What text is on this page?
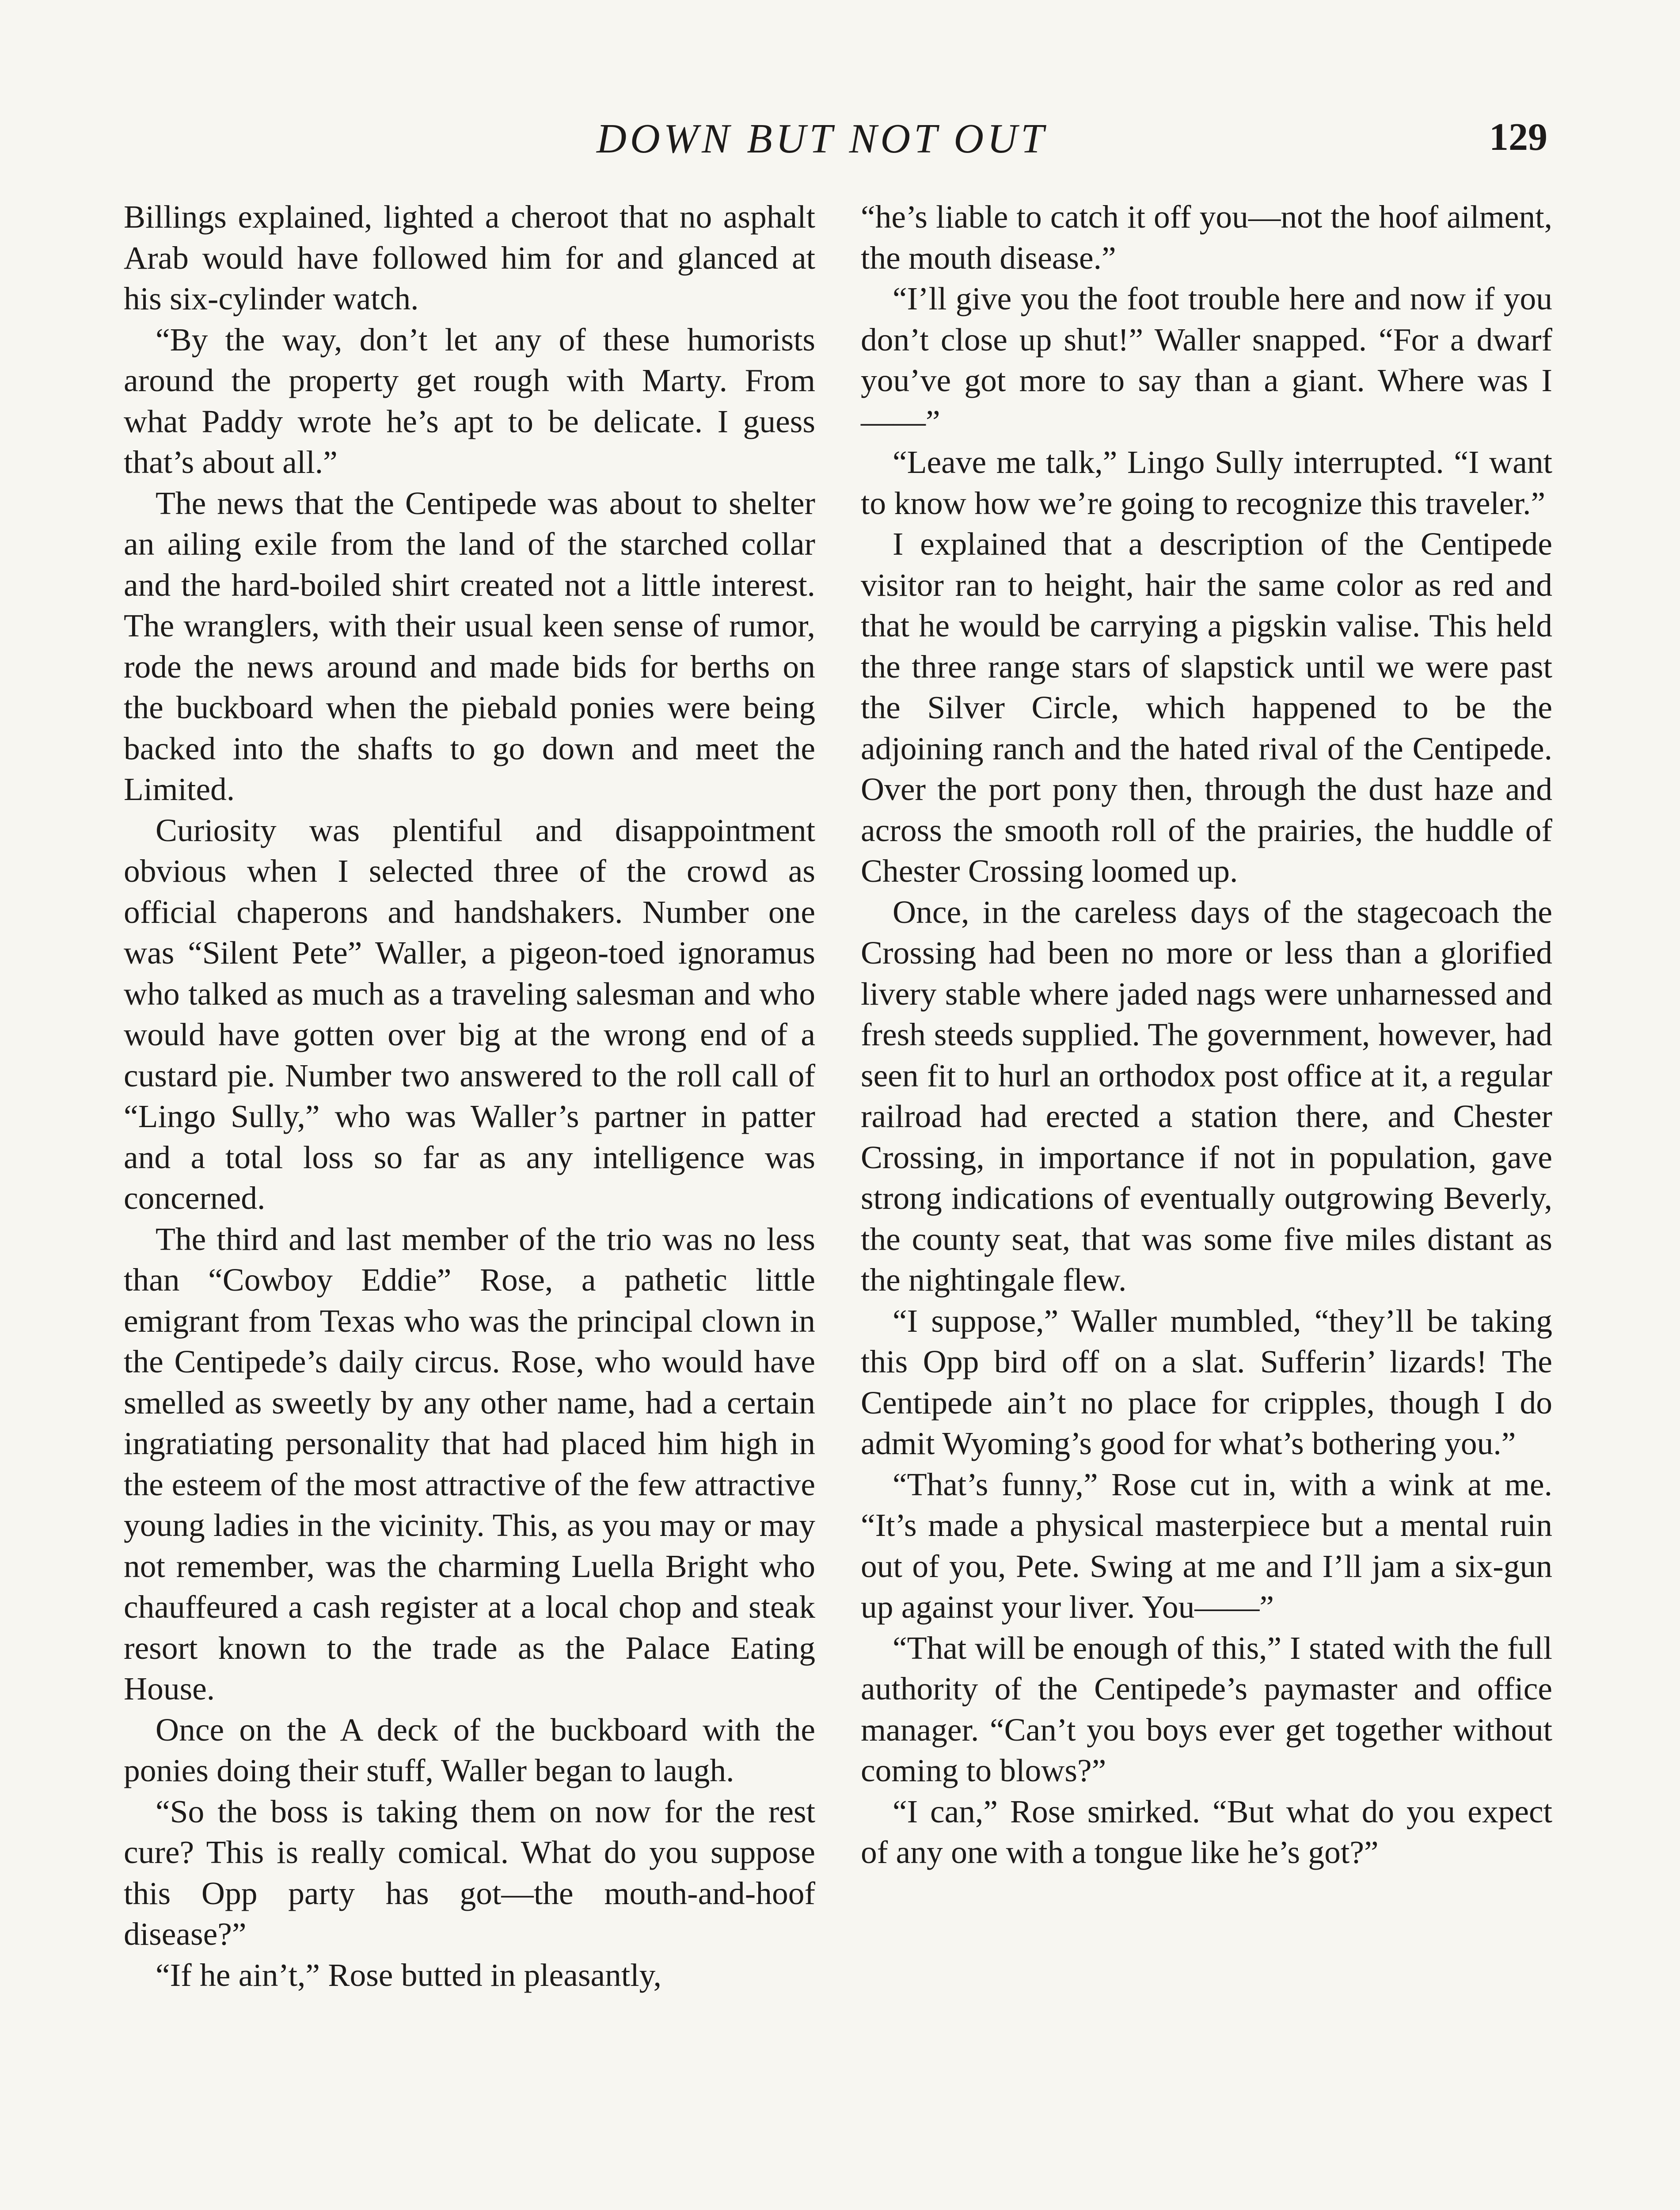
DOWN BUT NOT OUT	129

Billings explained, lighted a cheroot that no asphalt Arab would have followed him for and glanced at his six-cylinder watch.

“By the way, don’t let any of these humorists around the property get rough with Marty. From what Paddy wrote he’s apt to be delicate. I guess that’s about all.”

The news that the Centipede was about to shelter an ailing exile from the land of the starched collar and the hard-boiled shirt created not a little interest. The wranglers, with their usual keen sense of rumor, rode the news around and made bids for berths on the buckboard when the piebald ponies were being backed into the shafts to go down and meet the Limited.

Curiosity was plentiful and disappointment obvious when I selected three of the crowd as official chaperons and handshakers. Number one was “Silent Pete” Waller, a pigeon-toed ignoramus who talked as much as a traveling salesman and who would have gotten over big at the wrong end of a custard pie. Number two answered to the roll call of “Lingo Sully,” who was Waller’s partner in patter and a total loss so far as any intelligence was concerned.

The third and last member of the trio was no less than “Cowboy Eddie” Rose, a pathetic little emigrant from Texas who was the principal clown in the Centipede’s daily circus. Rose, who would have smelled as sweetly by any other name, had a certain ingratiating personality that had placed him high in the esteem of the most attractive of the few attractive young ladies in the vicinity. This, as you may or may not remember, was the charming Luella Bright who chauffeured a cash register at a local chop and steak resort known to the trade as the Palace Eating House.

Once on the A deck of the buckboard with the ponies doing their stuff, Waller began to laugh.

“So the boss is taking them on now for the rest cure? This is really comical. What do you suppose this Opp party has got—the mouth-and-hoof disease?”

“If he ain’t,” Rose butted in pleasantly,

“he’s liable to catch it off you—not the hoof ailment, the mouth disease.”

“I’ll give you the foot trouble here and now if you don’t close up shut!” Waller snapped. “For a dwarf you’ve got more to say than a giant. Where was I——”

“Leave me talk,” Lingo Sully interrupted. “I want to know how we’re going to recognize this traveler.”

I explained that a description of the Centipede visitor ran to height, hair the same color as red and that he would be carrying a pigskin valise. This held the three range stars of slapstick until we were past the Silver Circle, which happened to be the adjoining ranch and the hated rival of the Centipede. Over the port pony then, through the dust haze and across the smooth roll of the prairies, the huddle of Chester Crossing loomed up.

Once, in the careless days of the stagecoach the Crossing had been no more or less than a glorified livery stable where jaded nags were unharnessed and fresh steeds supplied. The government, however, had seen fit to hurl an orthodox post office at it, a regular railroad had erected a station there, and Chester Crossing, in importance if not in population, gave strong indications of eventually outgrowing Beverly, the county seat, that was some five miles distant as the nightingale flew.

“I suppose,” Waller mumbled, “they’ll be taking this Opp bird off on a slat. Sufferin’ lizards! The Centipede ain’t no place for cripples, though I do admit Wyoming’s good for what’s bothering you.”

“That’s funny,” Rose cut in, with a wink at me. “It’s made a physical masterpiece but a mental ruin out of you, Pete. Swing at me and I’ll jam a six-gun up against your liver. You——”

“That will be enough of this,” I stated with the full authority of the Centipede’s paymaster and office manager. “Can’t you boys ever get together without coming to blows?”

“I can,” Rose smirked. “But what do you expect of any one with a tongue like he’s got?”
